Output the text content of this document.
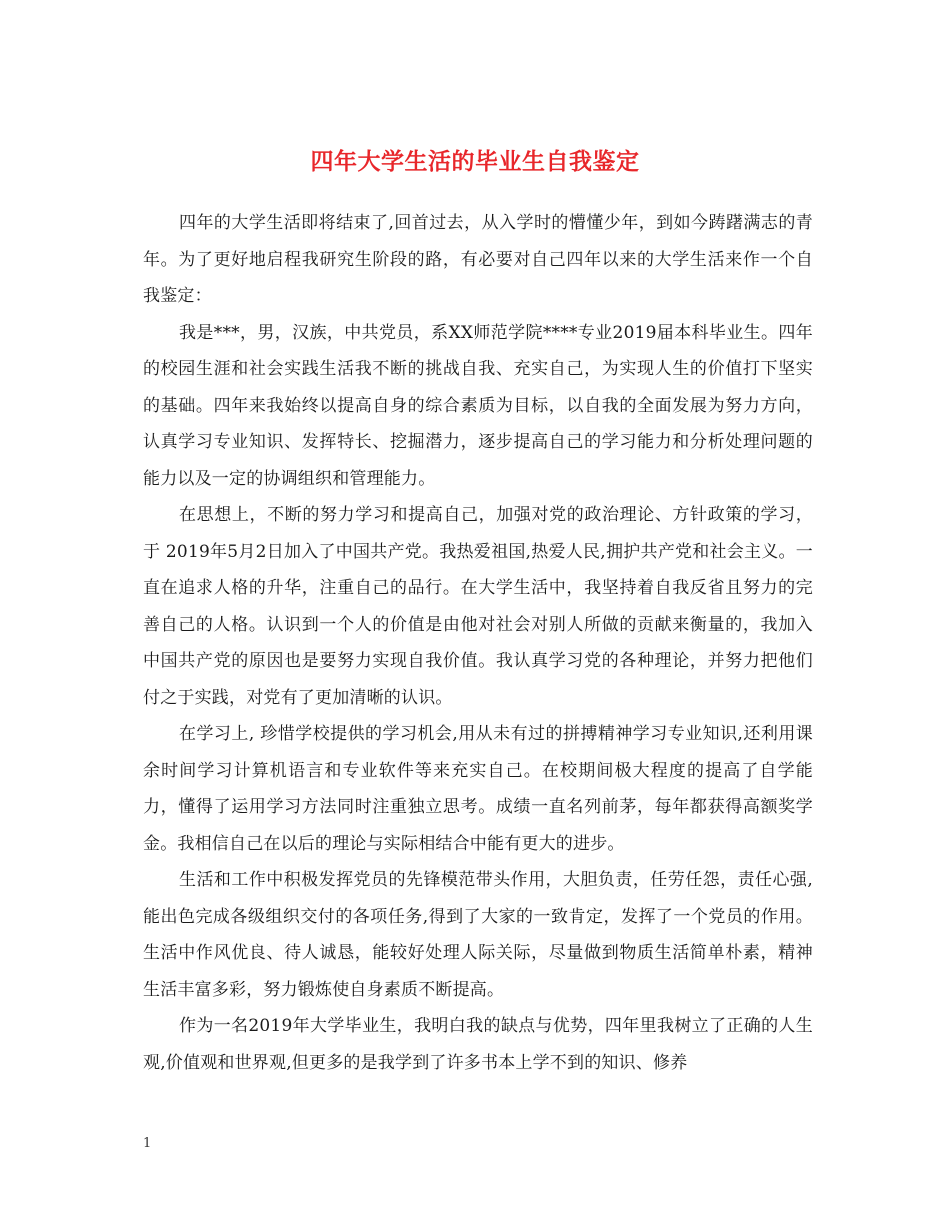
四年大学生活的毕业生自我鉴定

四年的大学生活即将结束了,回首过去，从入学时的懵懂少年，到如今踌躇满志的青年。为了更好地启程我研究生阶段的路，有必要对自己四年以来的大学生活来作一个自我鉴定：

我是***，男，汉族，中共党员，系XX师范学院****专业2019届本科毕业生。四年的校园生涯和社会实践生活我不断的挑战自我、充实自己，为实现人生的价值打下坚实的基础。四年来我始终以提高自身的综合素质为目标，以自我的全面发展为努力方向，认真学习专业知识、发挥特长、挖掘潜力，逐步提高自己的学习能力和分析处理问题的能力以及一定的协调组织和管理能力。

在思想上，不断的努力学习和提高自己，加强对党的政治理论、方针政策的学习，于 2019年5月2日加入了中国共产党。我热爱祖国,热爱人民,拥护共产党和社会主义。一直在追求人格的升华，注重自己的品行。在大学生活中，我坚持着自我反省且努力的完善自己的人格。认识到一个人的价值是由他对社会对别人所做的贡献来衡量的，我加入中国共产党的原因也是要努力实现自我价值。我认真学习党的各种理论，并努力把他们付之于实践，对党有了更加清晰的认识。

在学习上, 珍惜学校提供的学习机会,用从未有过的拼搏精神学习专业知识,还利用课余时间学习计算机语言和专业软件等来充实自己。在校期间极大程度的提高了自学能力，懂得了运用学习方法同时注重独立思考。成绩一直名列前茅，每年都获得高额奖学金。我相信自己在以后的理论与实际相结合中能有更大的进步。

生活和工作中积极发挥党员的先锋模范带头作用，大胆负责，任劳任怨，责任心强,能出色完成各级组织交付的各项任务,得到了大家的一致肯定，发挥了一个党员的作用。生活中作风优良、待人诚恳，能较好处理人际关际，尽量做到物质生活简单朴素，精神生活丰富多彩，努力锻炼使自身素质不断提高。

作为一名2019年大学毕业生，我明白我的缺点与优势，四年里我树立了正确的人生观,价值观和世界观,但更多的是我学到了许多书本上学不到的知识、修养

1
